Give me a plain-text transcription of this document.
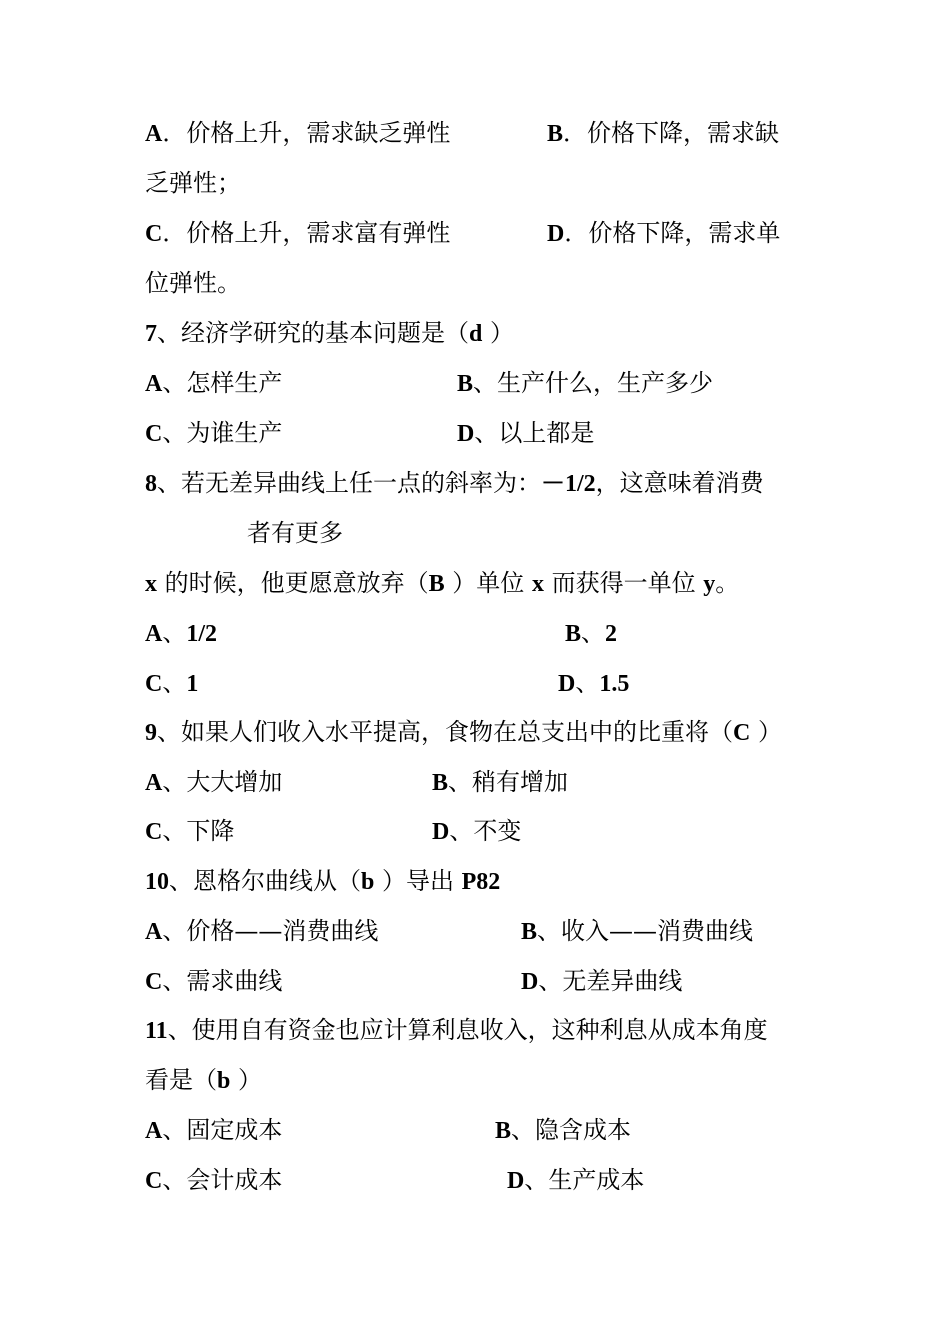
A．价格上升，需求缺乏弹性	B．价格下降，需求缺
乏弹性；
C．价格上升，需求富有弹性	D．价格下降，需求单
位弹性。
7、经济学研究的基本问题是（d ）
A、怎样生产	B、生产什么，生产多少
C、为谁生产	D、以上都是
8、若无差异曲线上任一点的斜率为：－1/2，这意味着消费
者有更多
x 的时候，他更愿意放弃（B ）单位 x 而获得一单位 y。
A、1/2	B、2
C、1	D、1.5
9、如果人们收入水平提高，食物在总支出中的比重将（C ）
A、大大增加	B、稍有增加
C、下降	D、不变
10、恩格尔曲线从（b ）导出 P82
A、价格——消费曲线	B、收入——消费曲线
C、需求曲线	D、无差异曲线
11、使用自有资金也应计算利息收入，这种利息从成本角度
看是（b ）
A、固定成本	B、隐含成本
C、会计成本	D、生产成本
